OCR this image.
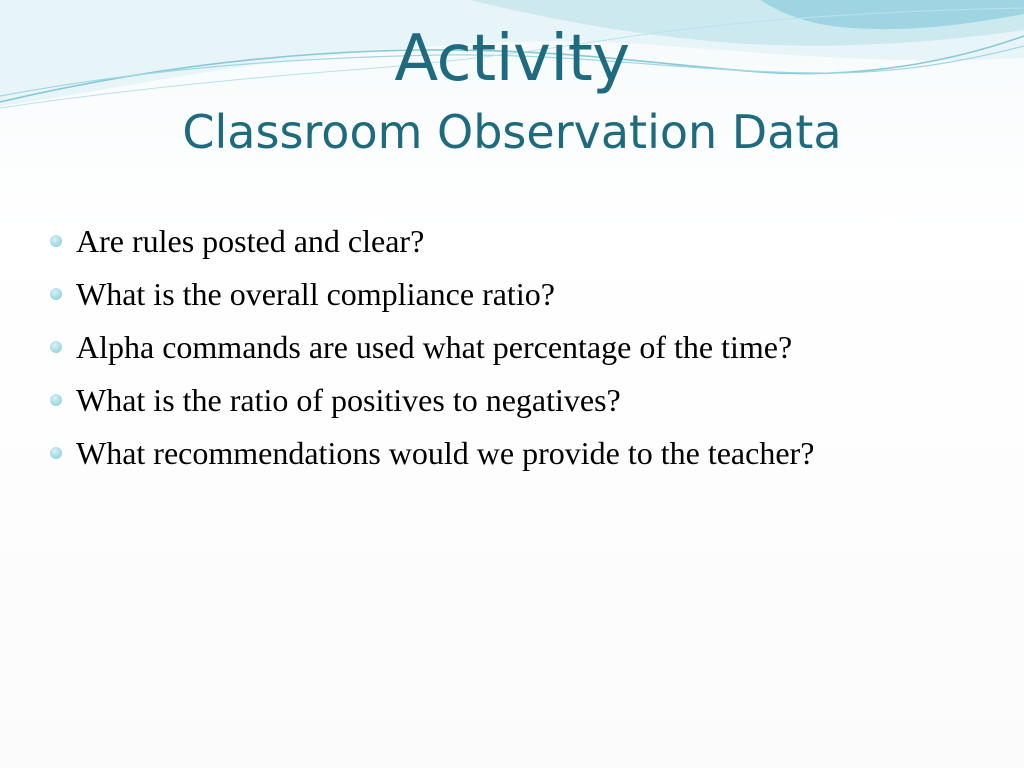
Activity
Classroom Observation Data
Are rules posted and clear?
What is the overall compliance ratio?
Alpha commands are used what percentage of the time?
What is the ratio of positives to negatives?
What recommendations would we provide to the teacher?
